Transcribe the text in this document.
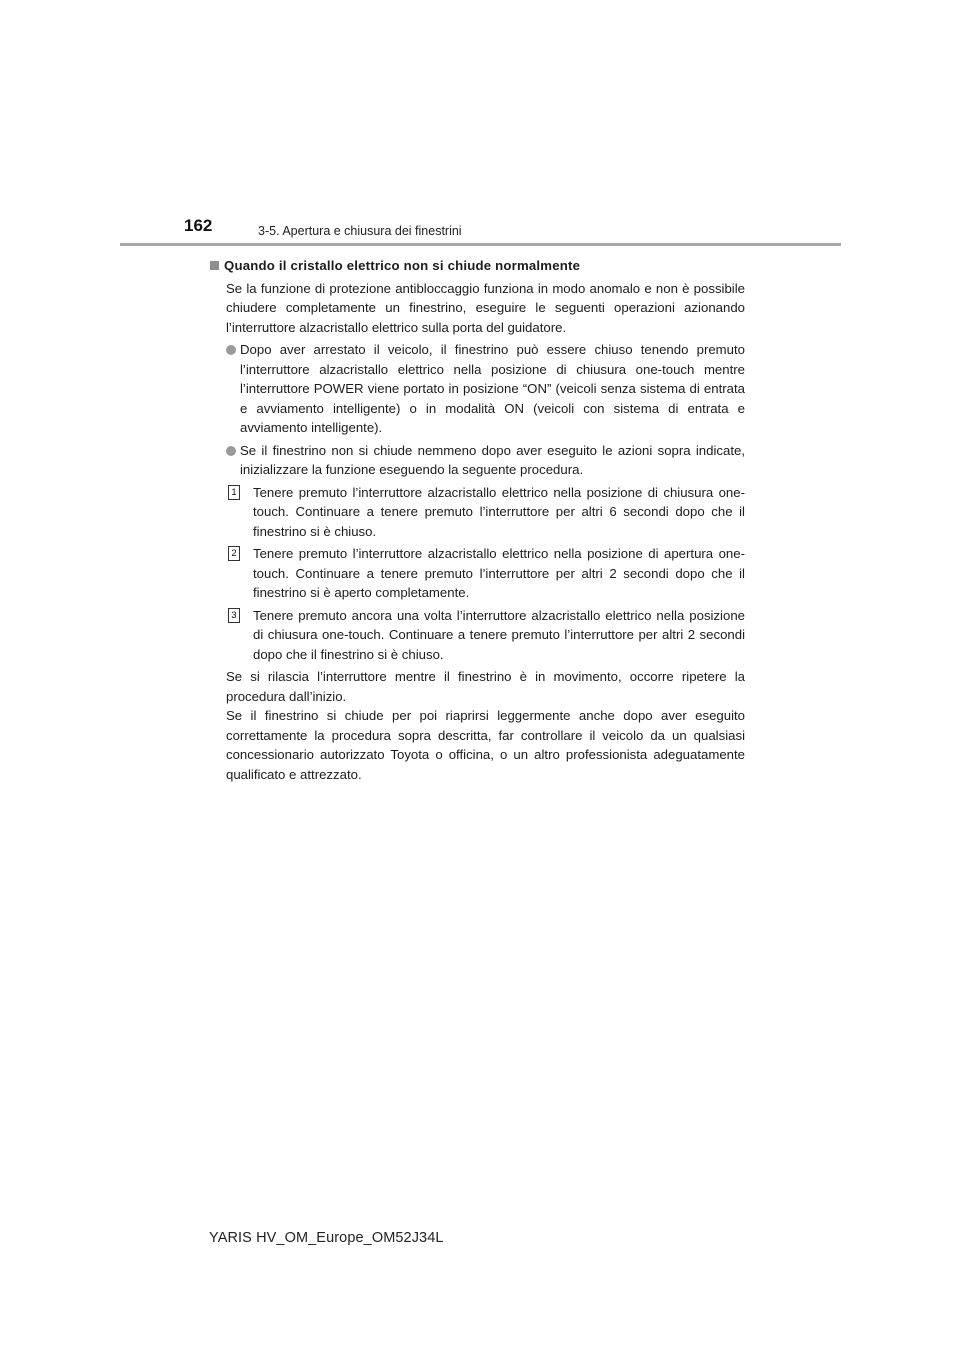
162	3-5. Apertura e chiusura dei finestrini
Quando il cristallo elettrico non si chiude normalmente

Se la funzione di protezione antibloccaggio funziona in modo anomalo e non è possibile chiudere completamente un finestrino, eseguire le seguenti operazioni azionando l’interruttore alzacristallo elettrico sulla porta del guidatore.

Dopo aver arrestato il veicolo, il finestrino può essere chiuso tenendo premuto l’interruttore alzacristallo elettrico nella posizione di chiusura one-touch mentre l’interruttore POWER viene portato in posizione “ON” (veicoli senza sistema di entrata e avviamento intelligente) o in modalità ON (veicoli con sistema di entrata e avviamento intelligente).

Se il finestrino non si chiude nemmeno dopo aver eseguito le azioni sopra indicate, inizializzare la funzione eseguendo la seguente procedura.

1 Tenere premuto l’interruttore alzacristallo elettrico nella posizione di chiusura one-touch. Continuare a tenere premuto l’interruttore per altri 6 secondi dopo che il finestrino si è chiuso.

2 Tenere premuto l’interruttore alzacristallo elettrico nella posizione di apertura one-touch. Continuare a tenere premuto l’interruttore per altri 2 secondi dopo che il finestrino si è aperto completamente.

3 Tenere premuto ancora una volta l’interruttore alzacristallo elettrico nella posizione di chiusura one-touch. Continuare a tenere premuto l’interruttore per altri 2 secondi dopo che il finestrino si è chiuso.

Se si rilascia l’interruttore mentre il finestrino è in movimento, occorre ripetere la procedura dall’inizio.

Se il finestrino si chiude per poi riaprirsi leggermente anche dopo aver eseguito correttamente la procedura sopra descritta, far controllare il veicolo da un qualsiasi concessionario autorizzato Toyota o officina, o un altro professionista adeguatamente qualificato e attrezzato.

YARIS HV_OM_Europe_OM52J34L
